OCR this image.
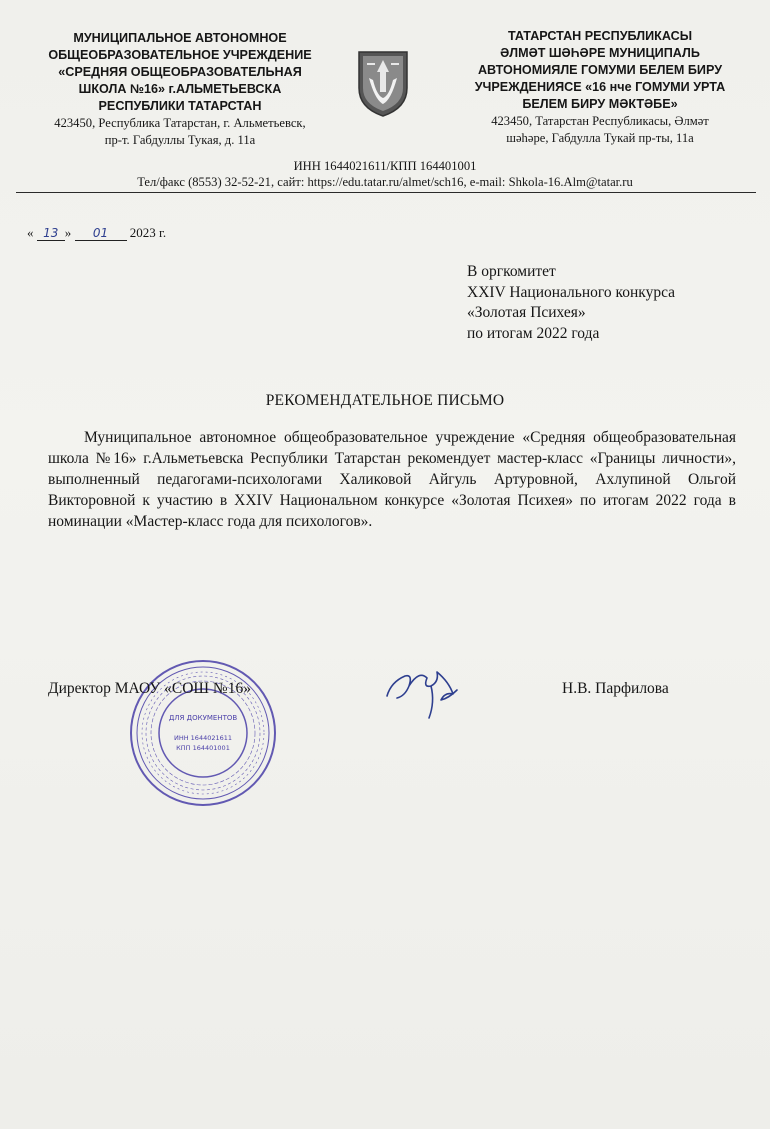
МУНИЦИПАЛЬНОЕ АВТОНОМНОЕ
ОБЩЕОБРАЗОВАТЕЛЬНОЕ УЧРЕЖДЕНИЕ
«СРЕДНЯЯ ОБЩЕОБРАЗОВАТЕЛЬНАЯ
ШКОЛА №16» г.АЛЬМЕТЬЕВСКА
РЕСПУБЛИКИ ТАТАРСТАН

423450, Республика Татарстан, г. Альметьевск,
пр-т. Габдуллы Тукая, д. 11а

ТАТАРСТАН РЕСПУБЛИКАСЫ
ӘЛМӘТ ШӘҺӘРЕ МУНИЦИПАЛЬ
АВТОНОМИЯЛЕ ГОМУМИ БЕЛЕМ БИРУ
УЧРЕЖДЕНИЯСЕ «16 нче ГОМУМИ УРТА
БЕЛЕМ БИРУ МӘКТӘБЕ»

423450, Татарстан Республикасы, Әлмәт
шәһәре, Габдулла Тукай пр-ты, 11а

ИНН 1644021611/КПП 164401001
Тел/факс (8553) 32-52-21, сайт: https://edu.tatar.ru/almet/sch16, e-mail: Shkola-16.Alm@tatar.ru
« 13 » 01 2023 г.
В оргкомитет
XXIV Национального конкурса
«Золотая Психея»
по итогам 2022 года
РЕКОМЕНДАТЕЛЬНОЕ ПИСЬМО
Муниципальное автономное общеобразовательное учреждение «Средняя общеобразовательная школа №16» г.Альметьевска Республики Татарстан рекомендует мастер-класс «Границы личности», выполненный педагогами-психологами Халиковой Айгуль Артуровной, Ахлупиной Ольгой Викторовной к участию в XXIV Национальном конкурсе «Золотая Психея» по итогам 2022 года в номинации «Мастер-класс года для психологов».
ДЛЯ ДОКУМЕНТОВ
ИНН 1644021611
КПП 164401001
Директор МАОУ «СОШ №16»	Н.В. Парфилова
